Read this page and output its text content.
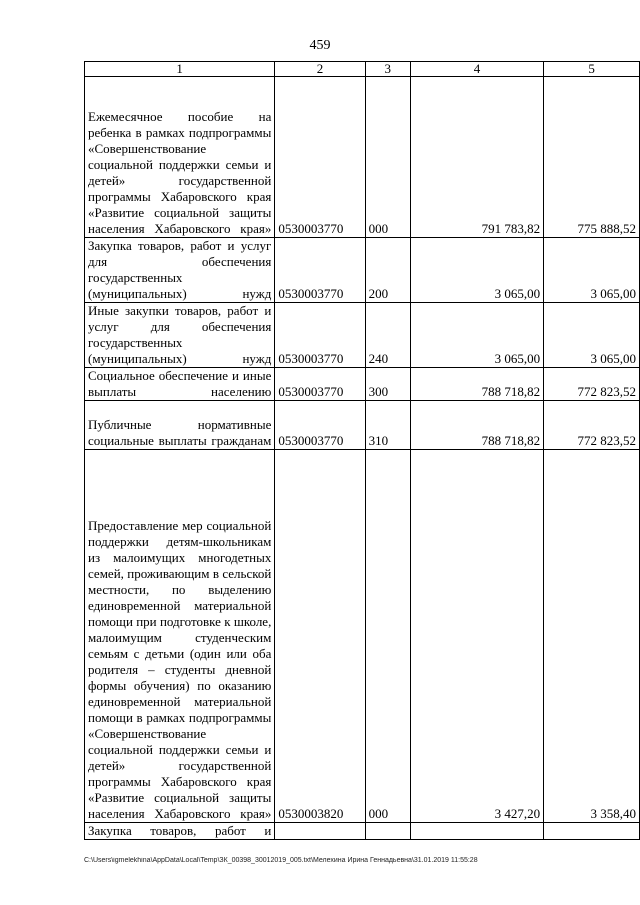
459
1	2	3	4	5
Ежемесячное пособие на ребенка в рамках подпрограммы «Совершенствование социальной поддержки семьи и детей» государственной программы Хабаровского края «Развитие социальной защиты населения Хабаровского края»	0530003770	000	791 783,82	775 888,52
Закупка товаров, работ и услуг для обеспечения государственных (муниципальных) нужд	0530003770	200	3 065,00	3 065,00
Иные закупки товаров, работ и услуг для обеспечения государственных (муниципальных) нужд	0530003770	240	3 065,00	3 065,00
Социальное обеспечение и иные выплаты населению	0530003770	300	788 718,82	772 823,52
Публичные нормативные социальные выплаты гражданам	0530003770	310	788 718,82	772 823,52
Предоставление мер социальной поддержки детям-школьникам из малоимущих многодетных семей, проживающим в сельской местности, по выделению единовременной материальной помощи при подготовке к школе, малоимущим студенческим семьям с детьми (один или оба родителя – студенты дневной формы обучения) по оказанию единовременной материальной помощи в рамках подпрограммы «Совершенствование социальной поддержки семьи и детей» государственной программы Хабаровского края «Развитие социальной защиты населения Хабаровского края»	0530003820	000	3 427,20	3 358,40
Закупка товаров, работ и				
C:\Users\igmelekhina\AppData\Local\Temp\ЗК_00398_30012019_005.txt\Мелехина Ирина Геннадьевна\31.01.2019 11:55:28
